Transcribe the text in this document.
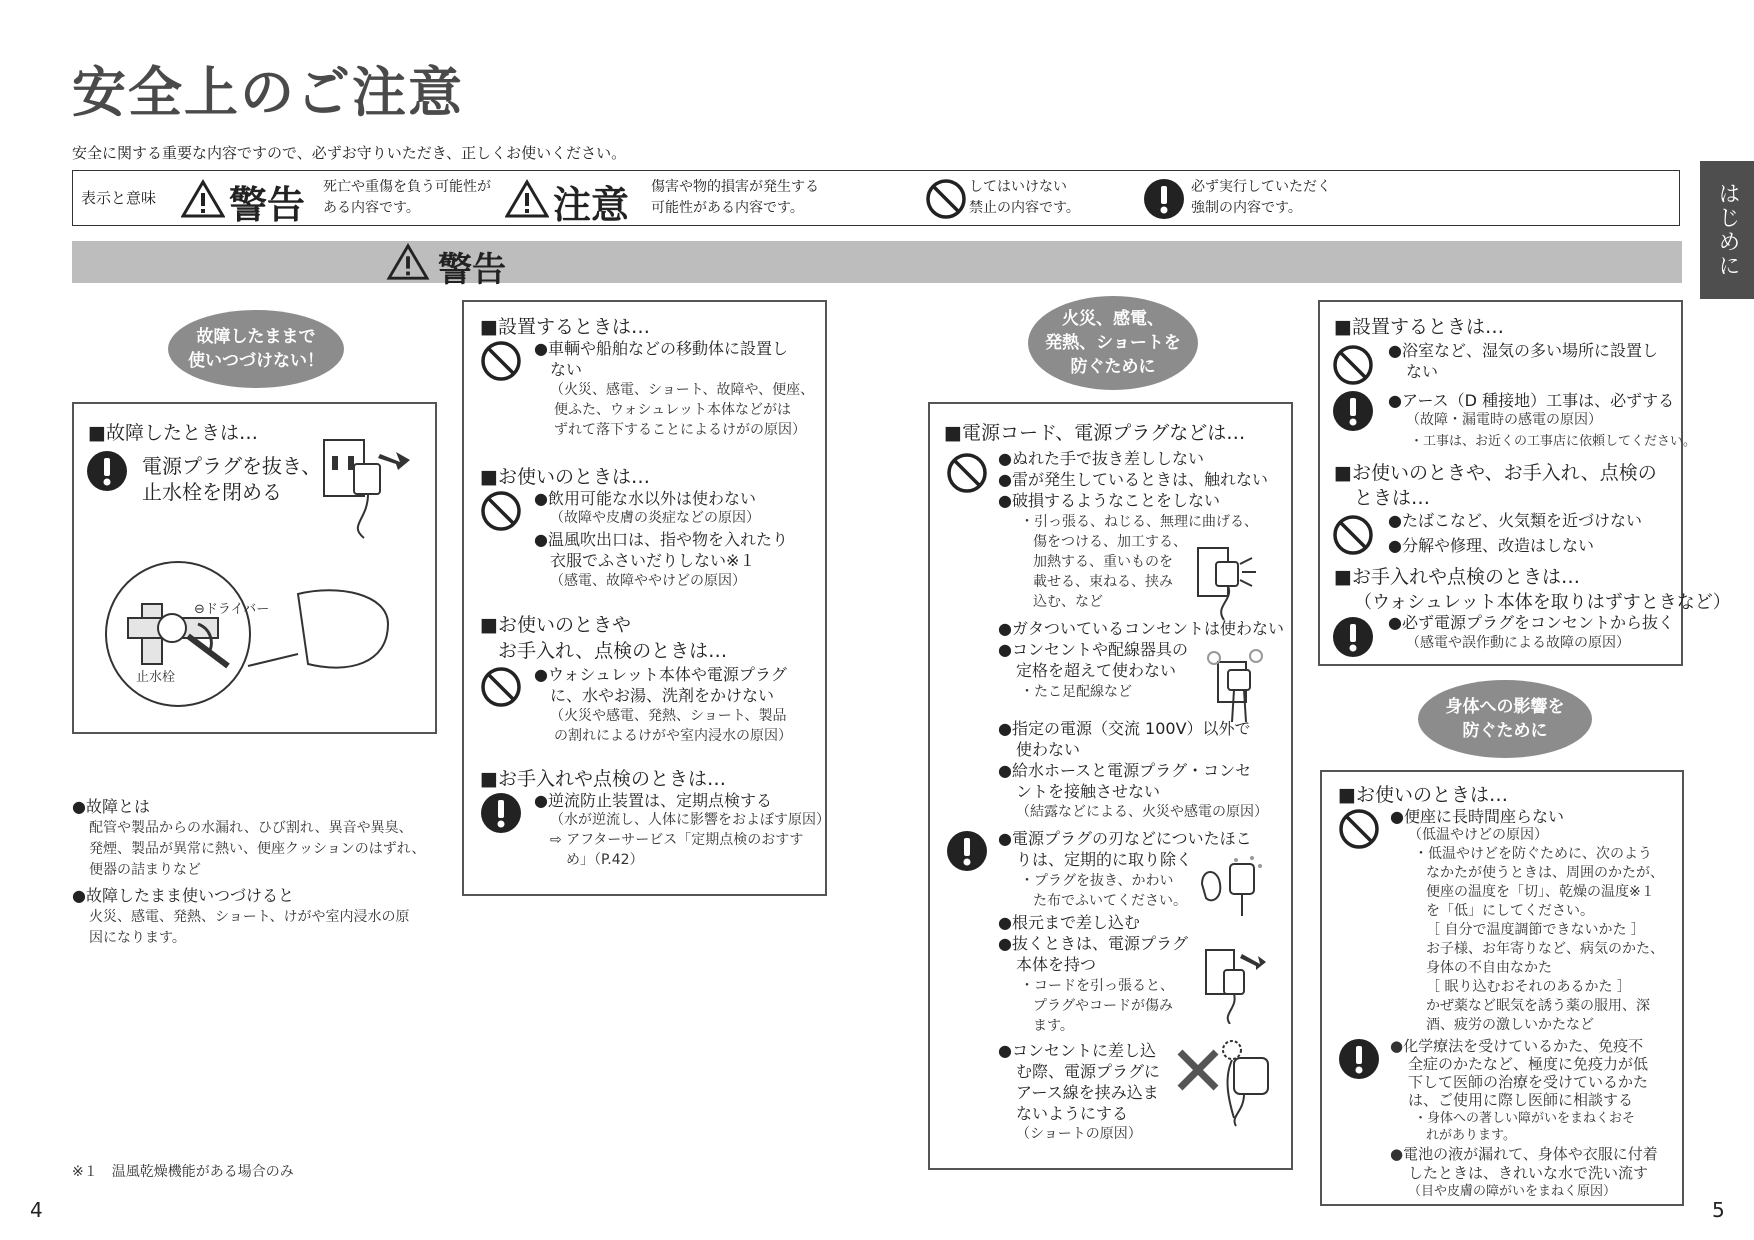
安全上のご注意
安全に関する重要な内容ですので、必ずお守りいただき、正しくお使いください。
はじめに
表示と意味 警告 死亡や重傷を負う可能性が
ある内容です。	注意 傷害や物的損害が発生する
可能性がある内容です。
してはいけない
禁止の内容です。
必ず実行していただく
強制の内容です。
警告
故障したままで
使いつづけない！
■故障したときは…
電源プラグを抜き、
止水栓を閉める
⊖ドライバー
止水栓
●故障とは
配管や製品からの水漏れ、ひび割れ、異音や異臭、
発煙、製品が異常に熱い、便座クッションのはずれ、
便器の詰まりなど
●故障したまま使いつづけると
火災、感電、発熱、ショート、けがや室内浸水の原
因になります。
■設置するときは…
●車輌や船舶などの移動体に設置し
ない
（火災、感電、ショート、故障や、便座、
便ふた、ウォシュレット本体などがは
ずれて落下することによるけがの原因）
■お使いのときは…
●飲用可能な水以外は使わない
（故障や皮膚の炎症などの原因）
●温風吹出口は、指や物を入れたり
衣服でふさいだりしない※１
（感電、故障ややけどの原因）
■お使いのときや
お手入れ、点検のときは…
●ウォシュレット本体や電源プラグ
に、水やお湯、洗剤をかけない
（火災や感電、発熱、ショート、製品
の割れによるけがや室内浸水の原因）
■お手入れや点検のときは…
●逆流防止装置は、定期点検する
（水が逆流し、人体に影響をおよぼす原因）
⇨ アフターサービス「定期点検のおすす
め」（P.42）
火災、感電、
発熱、ショートを
防ぐために
■電源コード、電源プラグなどは…
●ぬれた手で抜き差ししない
●雷が発生しているときは、触れない
●破損するようなことをしない
・引っ張る、ねじる、無理に曲げる、
傷をつける、加工する、
加熱する、重いものを
載せる、束ねる、挟み
込む、など
●ガタついているコンセントは使わない
●コンセントや配線器具の
定格を超えて使わない
・たこ足配線など
●指定の電源（交流 100V）以外で
使わない
●給水ホースと電源プラグ・コンセ
ントを接触させない
（結露などによる、火災や感電の原因）
●電源プラグの刃などについたほこ
りは、定期的に取り除く
・プラグを抜き、かわい
た布でふいてください。
●根元まで差し込む
●抜くときは、電源プラグ
本体を持つ
・コードを引っ張ると、
プラグやコードが傷み
ます。
●コンセントに差し込
む際、電源プラグに
アース線を挟み込ま
ないようにする
（ショートの原因）
■設置するときは…
●浴室など、湿気の多い場所に設置し
ない
●アース（D 種接地）工事は、必ずする
（故障・漏電時の感電の原因）
・工事は、お近くの工事店に依頼してください。
■お使いのときや、お手入れ、点検の
ときは…
●たばこなど、火気類を近づけない
●分解や修理、改造はしない
■お手入れや点検のときは…
（ウォシュレット本体を取りはずすときなど）
●必ず電源プラグをコンセントから抜く
（感電や誤作動による故障の原因）
身体への影響を
防ぐために
■お使いのときは…
●便座に長時間座らない
（低温やけどの原因）
・低温やけどを防ぐために、次のよう
なかたが使うときは、周囲のかたが、
便座の温度を「切」、乾燥の温度※１
を「低」にしてください。
［ 自分で温度調節できないかた ］
お子様、お年寄りなど、病気のかた、
身体の不自由なかた
［ 眠り込むおそれのあるかた ］
かぜ薬など眠気を誘う薬の服用、深
酒、疲労の激しいかたなど
●化学療法を受けているかた、免疫不
全症のかたなど、極度に免疫力が低
下して医師の治療を受けているかた
は、ご使用に際し医師に相談する
・身体への著しい障がいをまねくおそ
れがあります。
●電池の液が漏れて、身体や衣服に付着
したときは、きれいな水で洗い流す
（目や皮膚の障がいをまねく原因）
※１　温風乾燥機能がある場合のみ
4	5
